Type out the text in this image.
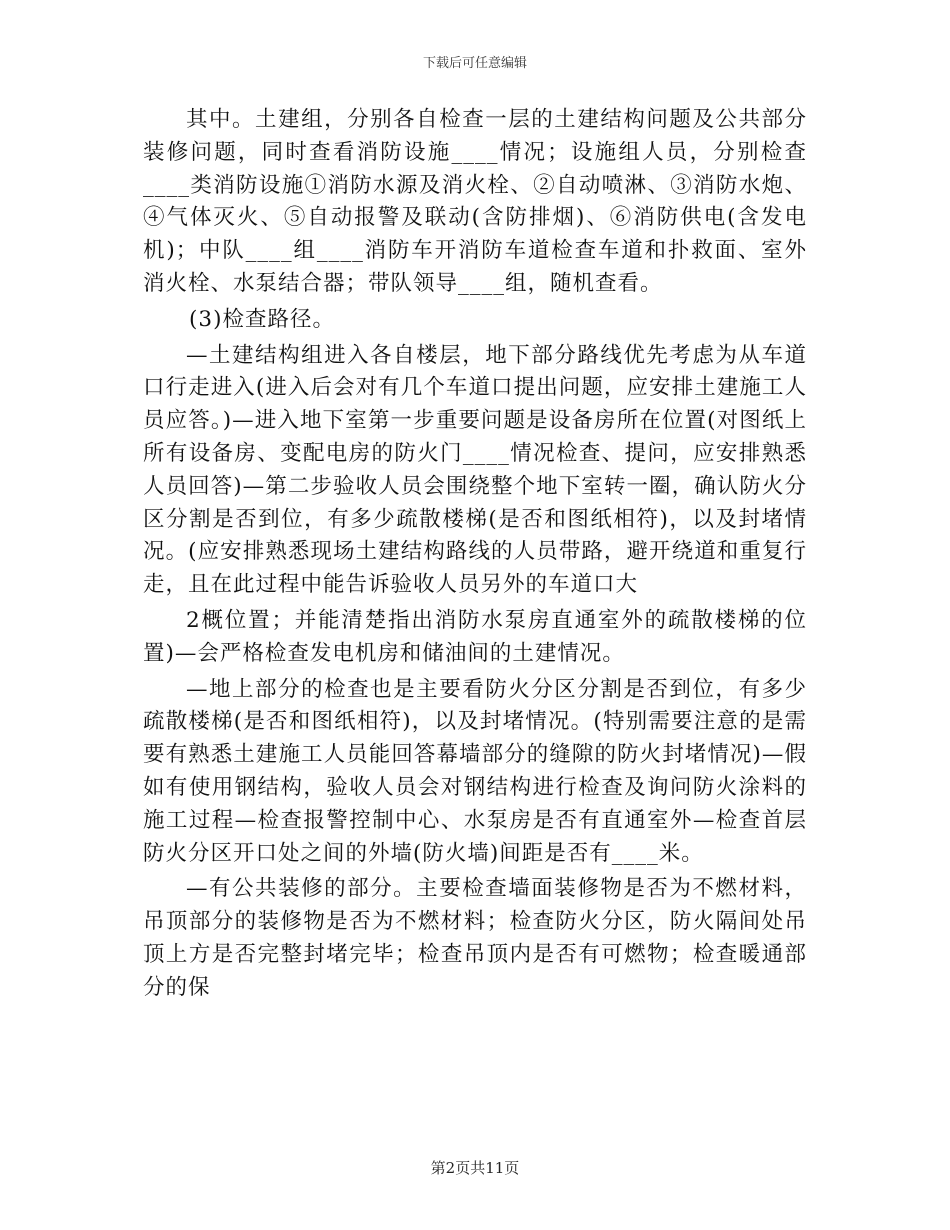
下载后可任意编辑

其中。土建组，分别各自检查一层的土建结构问题及公共部分装修问题，同时查看消防设施____情况；设施组人员，分别检查____类消防设施①消防水源及消火栓、②自动喷淋、③消防水炮、④气体灭火、⑤自动报警及联动(含防排烟)、⑥消防供电(含发电机)；中队____组____消防车开消防车道检查车道和扑救面、室外消火栓、水泵结合器；带队领导____组，随机查看。

(3)检查路径。

—土建结构组进入各自楼层，地下部分路线优先考虑为从车道口行走进入(进入后会对有几个车道口提出问题，应安排土建施工人员应答。)—进入地下室第一步重要问题是设备房所在位置(对图纸上所有设备房、变配电房的防火门____情况检查、提问，应安排熟悉人员回答)—第二步验收人员会围绕整个地下室转一圈，确认防火分区分割是否到位，有多少疏散楼梯(是否和图纸相符)，以及封堵情况。(应安排熟悉现场土建结构路线的人员带路，避开绕道和重复行走，且在此过程中能告诉验收人员另外的车道口大

2概位置；并能清楚指出消防水泵房直通室外的疏散楼梯的位置)—会严格检查发电机房和储油间的土建情况。

—地上部分的检查也是主要看防火分区分割是否到位，有多少疏散楼梯(是否和图纸相符)，以及封堵情况。(特别需要注意的是需要有熟悉土建施工人员能回答幕墙部分的缝隙的防火封堵情况)—假如有使用钢结构，验收人员会对钢结构进行检查及询问防火涂料的施工过程—检查报警控制中心、水泵房是否有直通室外—检查首层防火分区开口处之间的外墙(防火墙)间距是否有____米。

—有公共装修的部分。主要检查墙面装修物是否为不燃材料，吊顶部分的装修物是否为不燃材料；检查防火分区，防火隔间处吊顶上方是否完整封堵完毕；检查吊顶内是否有可燃物；检查暖通部分的保

第2页共11页
